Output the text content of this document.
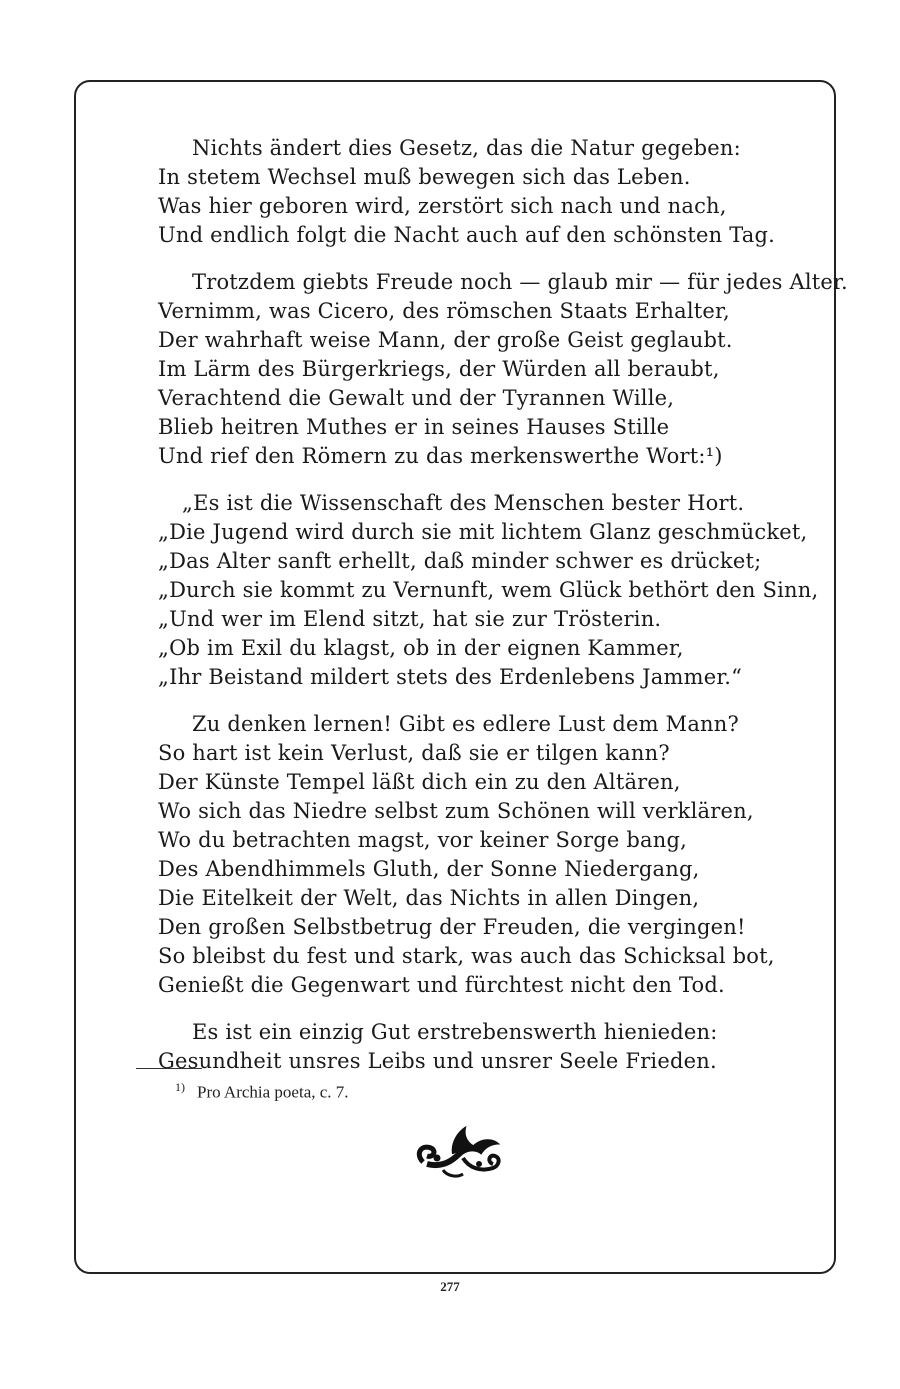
Nichts ändert dies Gesetz, das die Natur gegeben:
In stetem Wechsel muß bewegen sich das Leben.
Was hier geboren wird, zerstört sich nach und nach,
Und endlich folgt die Nacht auch auf den schönsten Tag.
Trotzdem giebts Freude noch — glaub mir — für jedes Alter.
Vernimm, was Cicero, des römschen Staats Erhalter,
Der wahrhaft weise Mann, der große Geist geglaubt.
Im Lärm des Bürgerkriegs, der Würden all beraubt,
Verachtend die Gewalt und der Tyrannen Wille,
Blieb heitren Muthes er in seines Hauses Stille
Und rief den Römern zu das merkenswerthe Wort:¹)
„Es ist die Wissenschaft des Menschen bester Hort.
„Die Jugend wird durch sie mit lichtem Glanz geschmücket,
„Das Alter sanft erhellt, daß minder schwer es drücket;
„Durch sie kommt zu Vernunft, wem Glück bethört den Sinn,
„Und wer im Elend sitzt, hat sie zur Trösterin.
„Ob im Exil du klagst, ob in der eignen Kammer,
„Ihr Beistand mildert stets des Erdenlebens Jammer.“
Zu denken lernen! Gibt es edlere Lust dem Mann?
So hart ist kein Verlust, daß sie er tilgen kann?
Der Künste Tempel läßt dich ein zu den Altären,
Wo sich das Niedre selbst zum Schönen will verklären,
Wo du betrachten magst, vor keiner Sorge bang,
Des Abendhimmels Gluth, der Sonne Niedergang,
Die Eitelkeit der Welt, das Nichts in allen Dingen,
Den großen Selbstbetrug der Freuden, die vergingen!
So bleibst du fest und stark, was auch das Schicksal bot,
Genießt die Gegenwart und fürchtest nicht den Tod.
Es ist ein einzig Gut erstrebenswerth hienieden:
Gesundheit unsres Leibs und unsrer Seele Frieden.
$^{1)}$ Pro Archia poeta, c. 7.
277
